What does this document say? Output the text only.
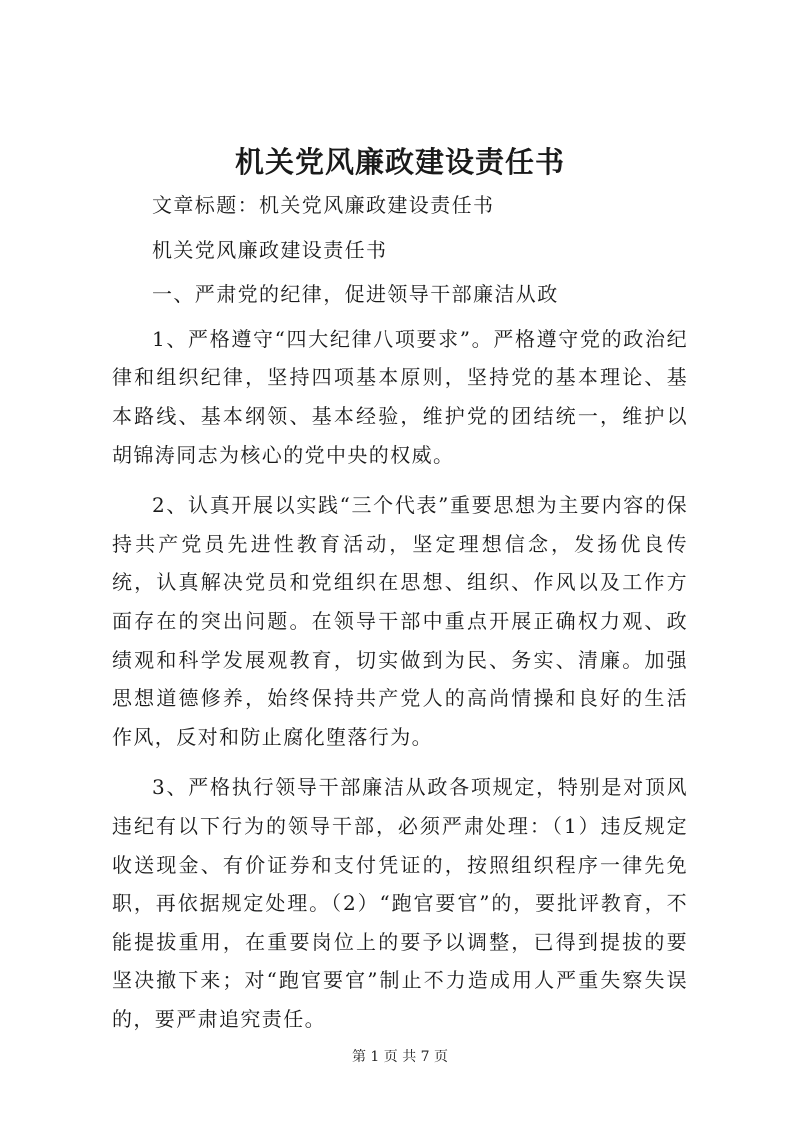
机关党风廉政建设责任书

文章标题：机关党风廉政建设责任书

机关党风廉政建设责任书

一、严肃党的纪律，促进领导干部廉洁从政

1、严格遵守“四大纪律八项要求”。严格遵守党的政治纪律和组织纪律，坚持四项基本原则，坚持党的基本理论、基本路线、基本纲领、基本经验，维护党的团结统一，维护以胡锦涛同志为核心的党中央的权威。

2、认真开展以实践“三个代表”重要思想为主要内容的保持共产党员先进性教育活动，坚定理想信念，发扬优良传统，认真解决党员和党组织在思想、组织、作风以及工作方面存在的突出问题。在领导干部中重点开展正确权力观、政绩观和科学发展观教育，切实做到为民、务实、清廉。加强思想道德修养，始终保持共产党人的高尚情操和良好的生活作风，反对和防止腐化堕落行为。

3、严格执行领导干部廉洁从政各项规定，特别是对顶风违纪有以下行为的领导干部，必须严肃处理：（1）违反规定收送现金、有价证券和支付凭证的，按照组织程序一律先免职，再依据规定处理。（2）“跑官要官”的，要批评教育，不能提拔重用，在重要岗位上的要予以调整，已得到提拔的要坚决撤下来；对“跑官要官”制止不力造成用人严重失察失误的，要严肃追究责任。

第 1 页 共 7 页
